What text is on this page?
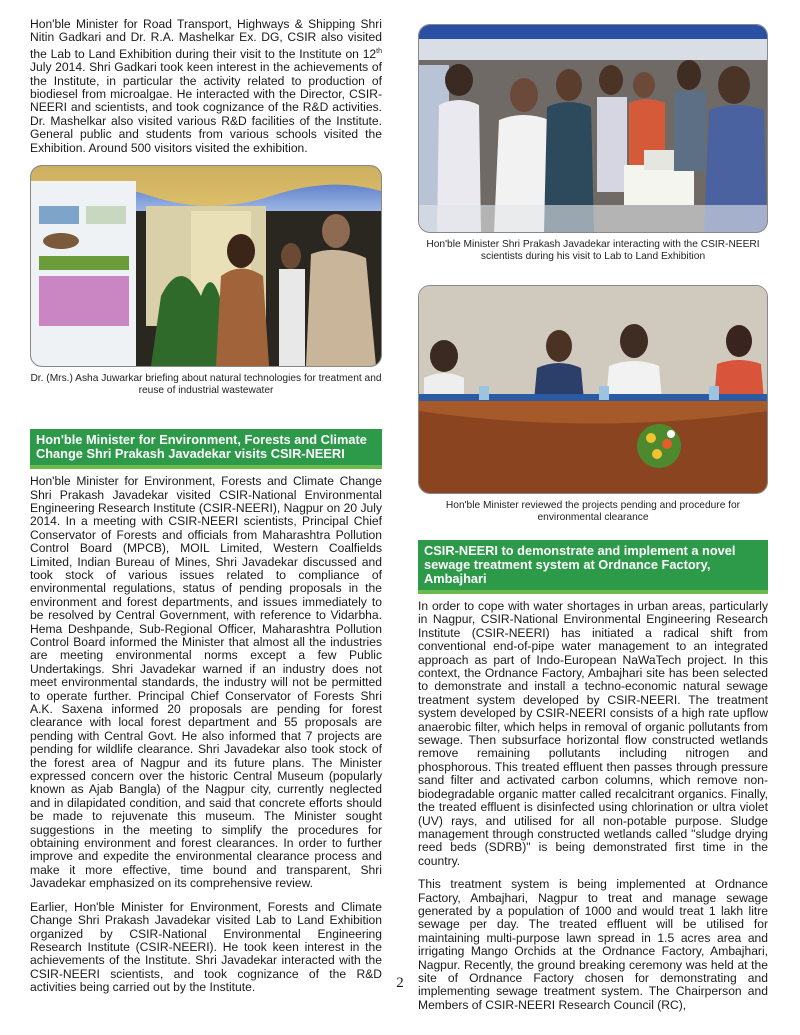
Hon'ble Minister for Road Transport, Highways & Shipping Shri Nitin Gadkari and Dr. R.A. Mashelkar Ex. DG, CSIR also visited the Lab to Land Exhibition during their visit to the Institute on 12th July 2014. Shri Gadkari took keen interest in the achievements of the Institute, in particular the activity related to production of biodiesel from microalgae. He interacted with the Director, CSIR-NEERI and scientists, and took cognizance of the R&D activities. Dr. Mashelkar also visited various R&D facilities of the Institute. General public and students from various schools visited the Exhibition. Around 500 visitors visited the exhibition.

Dr. (Mrs.) Asha Juwarkar briefing about natural technologies for treatment and reuse of industrial wastewater

Hon'ble Minister for Environment, Forests and Climate Change Shri Prakash Javadekar visits CSIR-NEERI

Hon'ble Minister for Environment, Forests and Climate Change Shri Prakash Javadekar visited CSIR-National Environmental Engineering Research Institute (CSIR-NEERI), Nagpur on 20 July 2014. In a meeting with CSIR-NEERI scientists, Principal Chief Conservator of Forests and officials from Maharashtra Pollution Control Board (MPCB), MOIL Limited, Western Coalfields Limited, Indian Bureau of Mines, Shri Javadekar discussed and took stock of various issues related to compliance of environmental regulations, status of pending proposals in the environment and forest departments, and issues immediately to be resolved by Central Government, with reference to Vidarbha. Hema Deshpande, Sub-Regional Officer, Maharashtra Pollution Control Board informed the Minister that almost all the industries are meeting environmental norms except a few Public Undertakings. Shri Javadekar warned if an industry does not meet environmental standards, the industry will not be permitted to operate further. Principal Chief Conservator of Forests Shri A.K. Saxena informed 20 proposals are pending for forest clearance with local forest department and 55 proposals are pending with Central Govt. He also informed that 7 projects are pending for wildlife clearance. Shri Javadekar also took stock of the forest area of Nagpur and its future plans. The Minister expressed concern over the historic Central Museum (popularly known as Ajab Bangla) of the Nagpur city, currently neglected and in dilapidated condition, and said that concrete efforts should be made to rejuvenate this museum. The Minister sought suggestions in the meeting to simplify the procedures for obtaining environment and forest clearances. In order to further improve and expedite the environmental clearance process and make it more effective, time bound and transparent, Shri Javadekar emphasized on its comprehensive review.

Earlier, Hon'ble Minister for Environment, Forests and Climate Change Shri Prakash Javadekar visited Lab to Land Exhibition organized by CSIR-National Environmental Engineering Research Institute (CSIR-NEERI). He took keen interest in the achievements of the Institute. Shri Javadekar interacted with the CSIR-NEERI scientists, and took cognizance of the R&D activities being carried out by the Institute.

Hon'ble Minister Shri Prakash Javadekar interacting with the CSIR-NEERI scientists during his visit to Lab to Land Exhibition

Hon'ble Minister reviewed the projects pending and procedure for environmental clearance

CSIR-NEERI to demonstrate and implement a novel sewage treatment system at Ordnance Factory, Ambajhari

In order to cope with water shortages in urban areas, particularly in Nagpur, CSIR-National Environmental Engineering Research Institute (CSIR-NEERI) has initiated a radical shift from conventional end-of-pipe water management to an integrated approach as part of Indo-European NaWaTech project. In this context, the Ordnance Factory, Ambajhari site has been selected to demonstrate and install a techno-economic natural sewage treatment system developed by CSIR-NEERI. The treatment system developed by CSIR-NEERI consists of a high rate upflow anaerobic filter, which helps in removal of organic pollutants from sewage. Then subsurface horizontal flow constructed wetlands remove remaining pollutants including nitrogen and phosphorous. This treated effluent then passes through pressure sand filter and activated carbon columns, which remove non-biodegradable organic matter called recalcitrant organics. Finally, the treated effluent is disinfected using chlorination or ultra violet (UV) rays, and utilised for all non-potable purpose. Sludge management through constructed wetlands called "sludge drying reed beds (SDRB)" is being demonstrated first time in the country.

This treatment system is being implemented at Ordnance Factory, Ambajhari, Nagpur to treat and manage sewage generated by a population of 1000 and would treat 1 lakh litre sewage per day. The treated effluent will be utilised for maintaining multi-purpose lawn spread in 1.5 acres area and irrigating Mango Orchids at the Ordnance Factory, Ambajhari, Nagpur. Recently, the ground breaking ceremony was held at the site of Ordnance Factory chosen for demonstrating and implementing sewage treatment system. The Chairperson and Members of CSIR-NEERI Research Council (RC),

2
